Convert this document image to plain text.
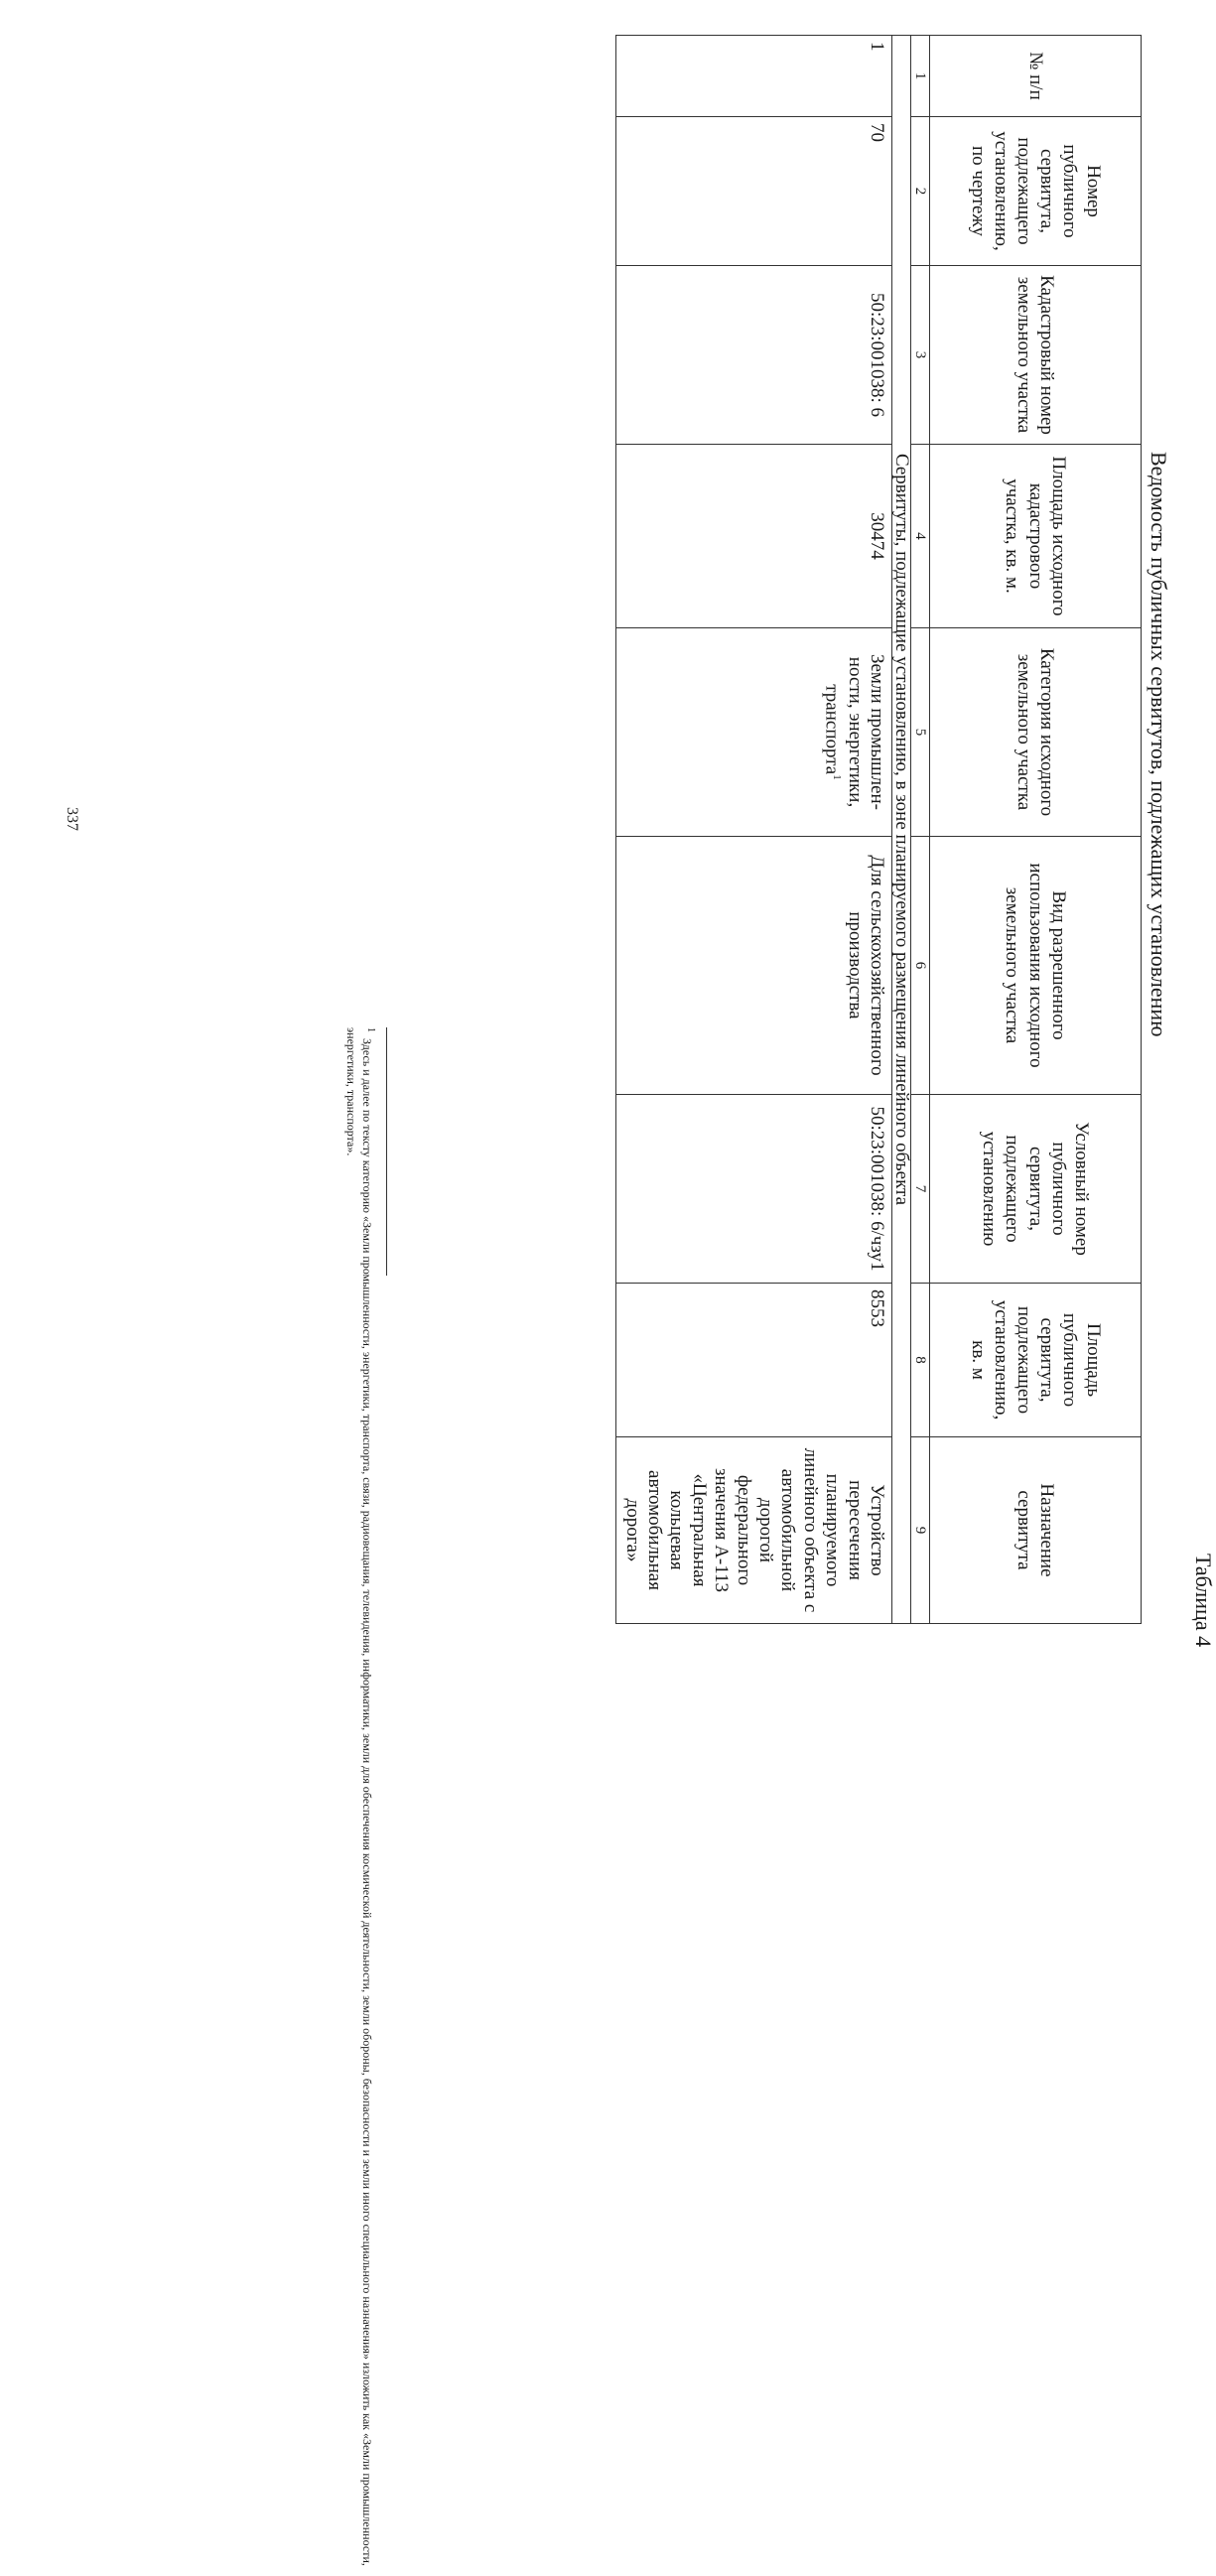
337
Таблица 4
Ведомость публичных сервитутов, подлежащих установлению
№ п/п	Номер публичного сервитута, подлежащего установлению, по чертежу	Кадастровый номер земельного участка	Площадь исходного кадастрового участка, кв. м.	Категория исходного земельного участка	Вид разрешенного использования исходного земельного участка	Условный номер публичного сервитута, подлежащего установлению	Площадь публичного сервитута, подлежащего установлению, кв. м	Назначение сервитута
1	2	3	4	5	6	7	8	9
Сервитуты, подлежащие установлению, в зоне планируемого размещения линейного объекта								
1	70	50:23:001038: 6	30474	Земли промышлен-ности, энергетики, транспорта$^1$	Для сельскохозяйственного производства	50:23:001038: 6/чзу1	8553	Устройство пересечения планируемого линейного объекта с автомобильной дорогой федерального значения А-113 «Центральная кольцевая автомобильная дорога»
$^1$Здесь и далее по тексту категорию «Земли промышленности, энергетики, транспорта, связи, радиовещания, телевидения, информатики, земли для обеспечения космической деятельности, земли обороны, безопасности и земли иного специального назначения» изложить как «Земли промышленности, энергетики, транспорта».
